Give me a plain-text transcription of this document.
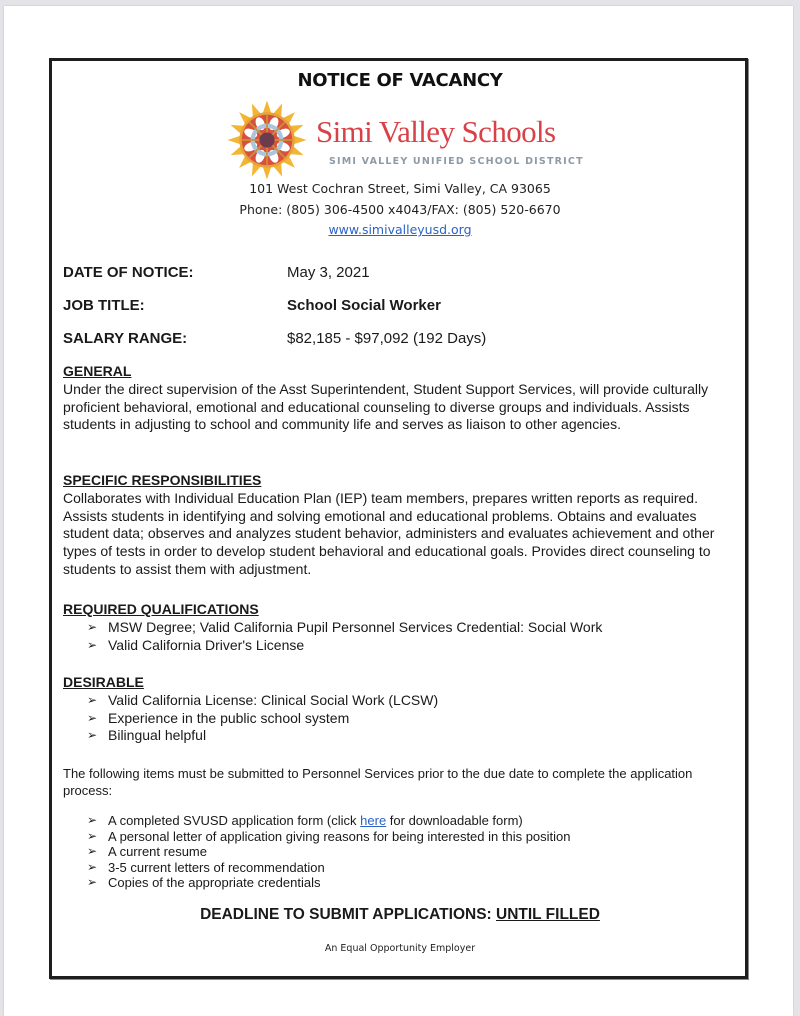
NOTICE OF VACANCY
Simi Valley Schools
SIMI VALLEY UNIFIED SCHOOL DISTRICT
101 West Cochran Street, Simi Valley, CA 93065
Phone: (805) 306-4500 x4043/FAX: (805) 520-6670
www.simivalleyusd.org
DATE OF NOTICE:	May 3, 2021
JOB TITLE:	School Social Worker
SALARY RANGE:	$82,185 - $97,092 (192 Days)
GENERAL
Under the direct supervision of the Asst Superintendent, Student Support Services, will provide culturally proficient behavioral, emotional and educational counseling to diverse groups and individuals. Assists students in adjusting to school and community life and serves as liaison to other agencies.
SPECIFIC RESPONSIBILITIES
Collaborates with Individual Education Plan (IEP) team members, prepares written reports as required. Assists students in identifying and solving emotional and educational problems. Obtains and evaluates student data; observes and analyzes student behavior, administers and evaluates achievement and other types of tests in order to develop student behavioral and educational goals. Provides direct counseling to students to assist them with adjustment.
REQUIRED QUALIFICATIONS
➢ MSW Degree; Valid California Pupil Personnel Services Credential: Social Work
➢ Valid California Driver's License
DESIRABLE
➢ Valid California License: Clinical Social Work (LCSW)
➢ Experience in the public school system
➢ Bilingual helpful
The following items must be submitted to Personnel Services prior to the due date to complete the application process:
➢ A completed SVUSD application form (click here for downloadable form)
➢ A personal letter of application giving reasons for being interested in this position
➢ A current resume
➢ 3-5 current letters of recommendation
➢ Copies of the appropriate credentials
DEADLINE TO SUBMIT APPLICATIONS: UNTIL FILLED
An Equal Opportunity Employer
